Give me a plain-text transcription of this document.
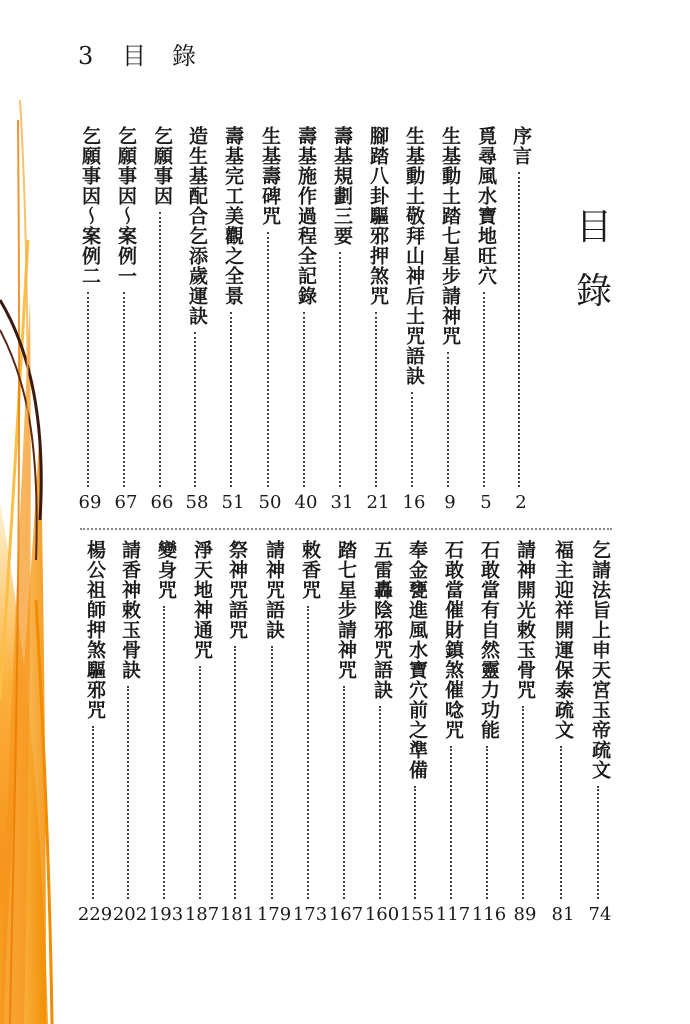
3 目 錄
目
錄
序言
2
覓尋風水寶地旺穴
5
生基動土踏七星步請神咒
9
生基動土敬拜山神后土咒語訣
16
腳踏八卦驅邪押煞咒
21
壽基規劃三要
31
壽基施作過程全記錄
40
生基壽碑咒
50
壽基完工美觀之全景
51
造生基配合乞添歲運訣
58
乞願事因
66
乞願事因〜案例一
67
乞願事因〜案例二
69
乞請法旨上申天宮玉帝疏文
74
福主迎祥開運保泰疏文
81
請神開光敕玉骨咒
89
石敢當有自然靈力功能
116
石敢當催財鎮煞催唸咒
117
奉金甕進風水寶穴前之準備
155
五雷轟陰邪咒語訣
160
踏七星步請神咒
167
敕香咒
173
請神咒語訣
179
祭神咒語咒
181
淨天地神通咒
187
變身咒
193
請香神敕玉骨訣
202
楊公祖師押煞驅邪咒
229
